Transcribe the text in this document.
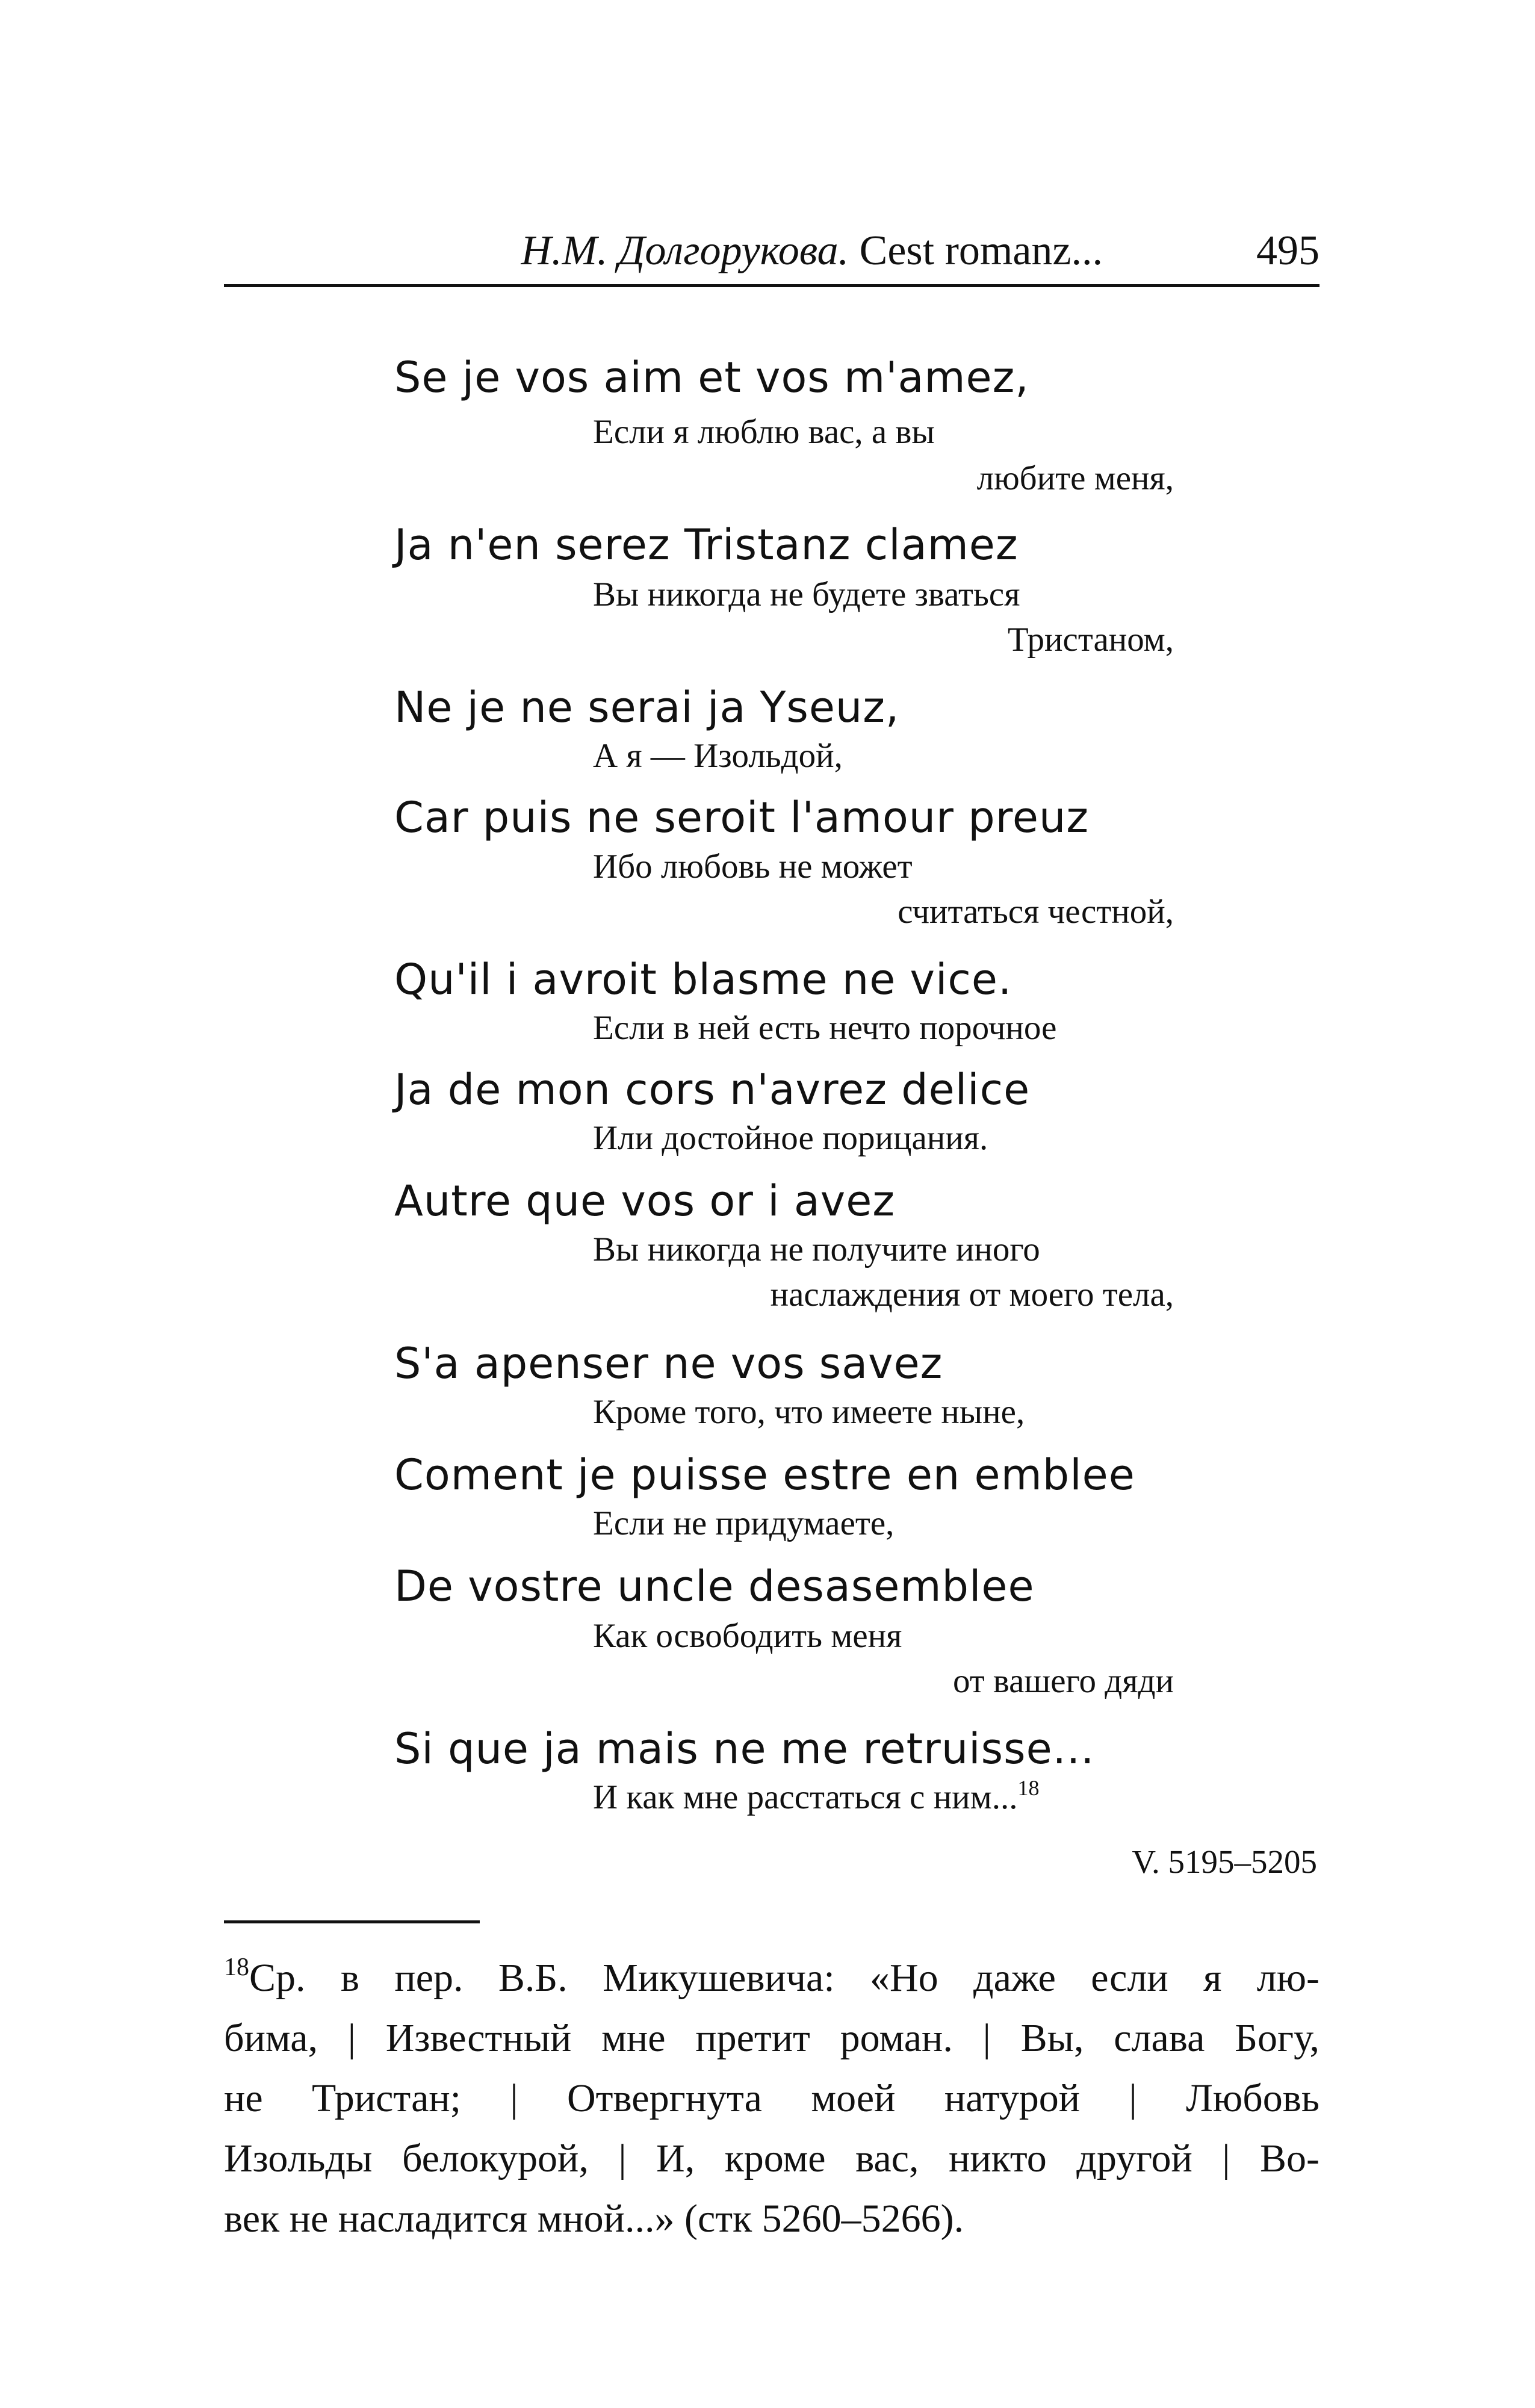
Н.М. Долгорукова. Cest romanz...	495
Se je vos aim et vos m'amez,
Если я люблю вас, а вы
любите меня,
Ja n'en serez Tristanz clamez
Вы никогда не будете зваться
Тристаном,
Ne je ne serai ja Yseuz,
А я — Изольдой,
Car puis ne seroit l'amour preuz
Ибо любовь не может
считаться честной,
Qu'il i avroit blasme ne vice.
Если в ней есть нечто порочное
Ja de mon cors n'avrez delice
Или достойное порицания.
Autre que vos or i avez
Вы никогда не получите иного
наслаждения от моего тела,
S'a apenser ne vos savez
Кроме того, что имеете ныне,
Coment je puisse estre en emblee
Если не придумаете,
De vostre uncle desasemblee
Как освободить меня
от вашего дяди
Si que ja mais ne me retruisse...
И как мне расстаться с ним...$^{18}$
V. 5195–5205
$^{18}$Ср. в пер. В.Б. Микушевича: «Но даже если я лю-
бима, | Известный мне претит роман. | Вы, слава Богу,
не Тристан; | Отвергнута моей натурой | Любовь
Изольды белокурой, | И, кроме вас, никто другой | Во-
век не насладится мной...» (стк 5260–5266).
